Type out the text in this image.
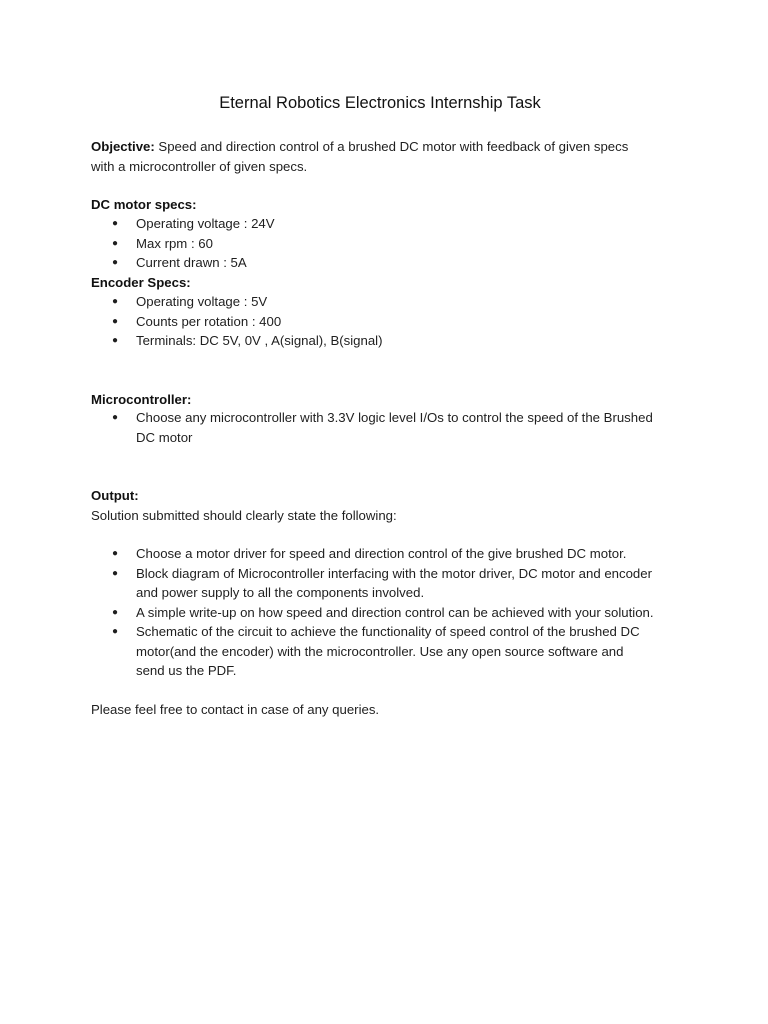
Eternal Robotics Electronics Internship Task
Objective: Speed and direction control of a brushed DC motor with feedback of given specs
with a microcontroller of given specs.
DC motor specs:
● Operating voltage : 24V
● Max rpm : 60
● Current drawn : 5A
Encoder Specs:
● Operating voltage : 5V
● Counts per rotation : 400
● Terminals: DC 5V, 0V , A(signal), B(signal)
Microcontroller:
● Choose any microcontroller with 3.3V logic level I/Os to control the speed of the Brushed
DC motor
Output:
Solution submitted should clearly state the following:
● Choose a motor driver for speed and direction control of the give brushed DC motor.
● Block diagram of Microcontroller interfacing with the motor driver, DC motor and encoder
and power supply to all the components involved.
● A simple write-up on how speed and direction control can be achieved with your solution.
● Schematic of the circuit to achieve the functionality of speed control of the brushed DC
motor(and the encoder) with the microcontroller. Use any open source software and
send us the PDF.
Please feel free to contact in case of any queries.
